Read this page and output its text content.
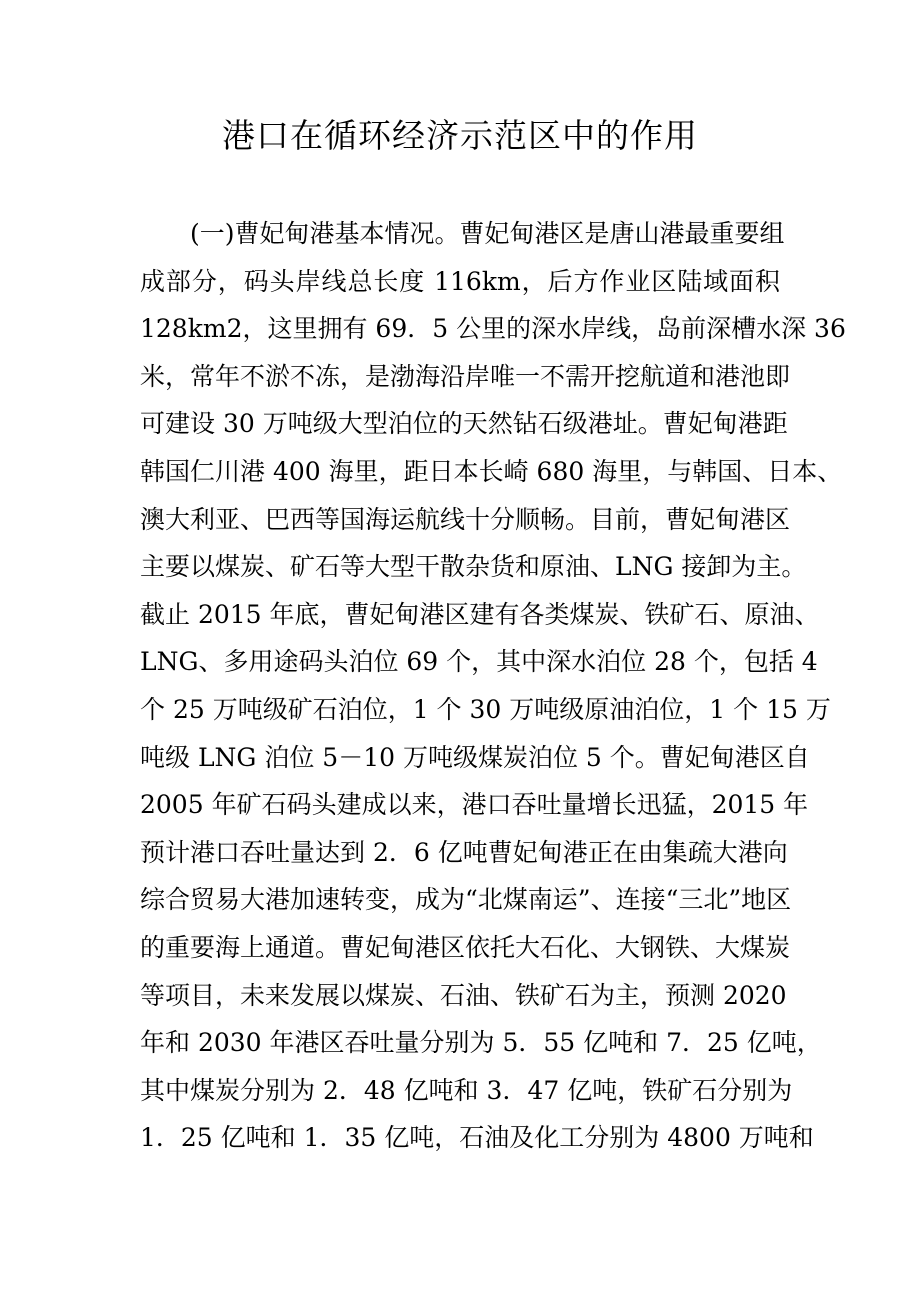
港口在循环经济示范区中的作用
(一)曹妃甸港基本情况。曹妃甸港区是唐山港最重要组
成部分，码头岸线总长度 116km，后方作业区陆域面积
128km2，这里拥有 69．5 公里的深水岸线，岛前深槽水深 36
米，常年不淤不冻，是渤海沿岸唯一不需开挖航道和港池即
可建设 30 万吨级大型泊位的天然钻石级港址。曹妃甸港距
韩国仁川港 400 海里，距日本长崎 680 海里，与韩国、日本、
澳大利亚、巴西等国海运航线十分顺畅。目前，曹妃甸港区
主要以煤炭、矿石等大型干散杂货和原油、LNG 接卸为主。
截止 2015 年底，曹妃甸港区建有各类煤炭、铁矿石、原油、
LNG、多用途码头泊位 69 个，其中深水泊位 28 个，包括 4
个 25 万吨级矿石泊位，1 个 30 万吨级原油泊位，1 个 15 万
吨级 LNG 泊位 5－10 万吨级煤炭泊位 5 个。曹妃甸港区自
2005 年矿石码头建成以来，港口吞吐量增长迅猛，2015 年
预计港口吞吐量达到 2．6 亿吨曹妃甸港正在由集疏大港向
综合贸易大港加速转变，成为“北煤南运”、连接“三北”地区
的重要海上通道。曹妃甸港区依托大石化、大钢铁、大煤炭
等项目，未来发展以煤炭、石油、铁矿石为主，预测 2020
年和 2030 年港区吞吐量分别为 5．55 亿吨和 7．25 亿吨，
其中煤炭分别为 2．48 亿吨和 3．47 亿吨，铁矿石分别为
1．25 亿吨和 1．35 亿吨，石油及化工分别为 4800 万吨和
